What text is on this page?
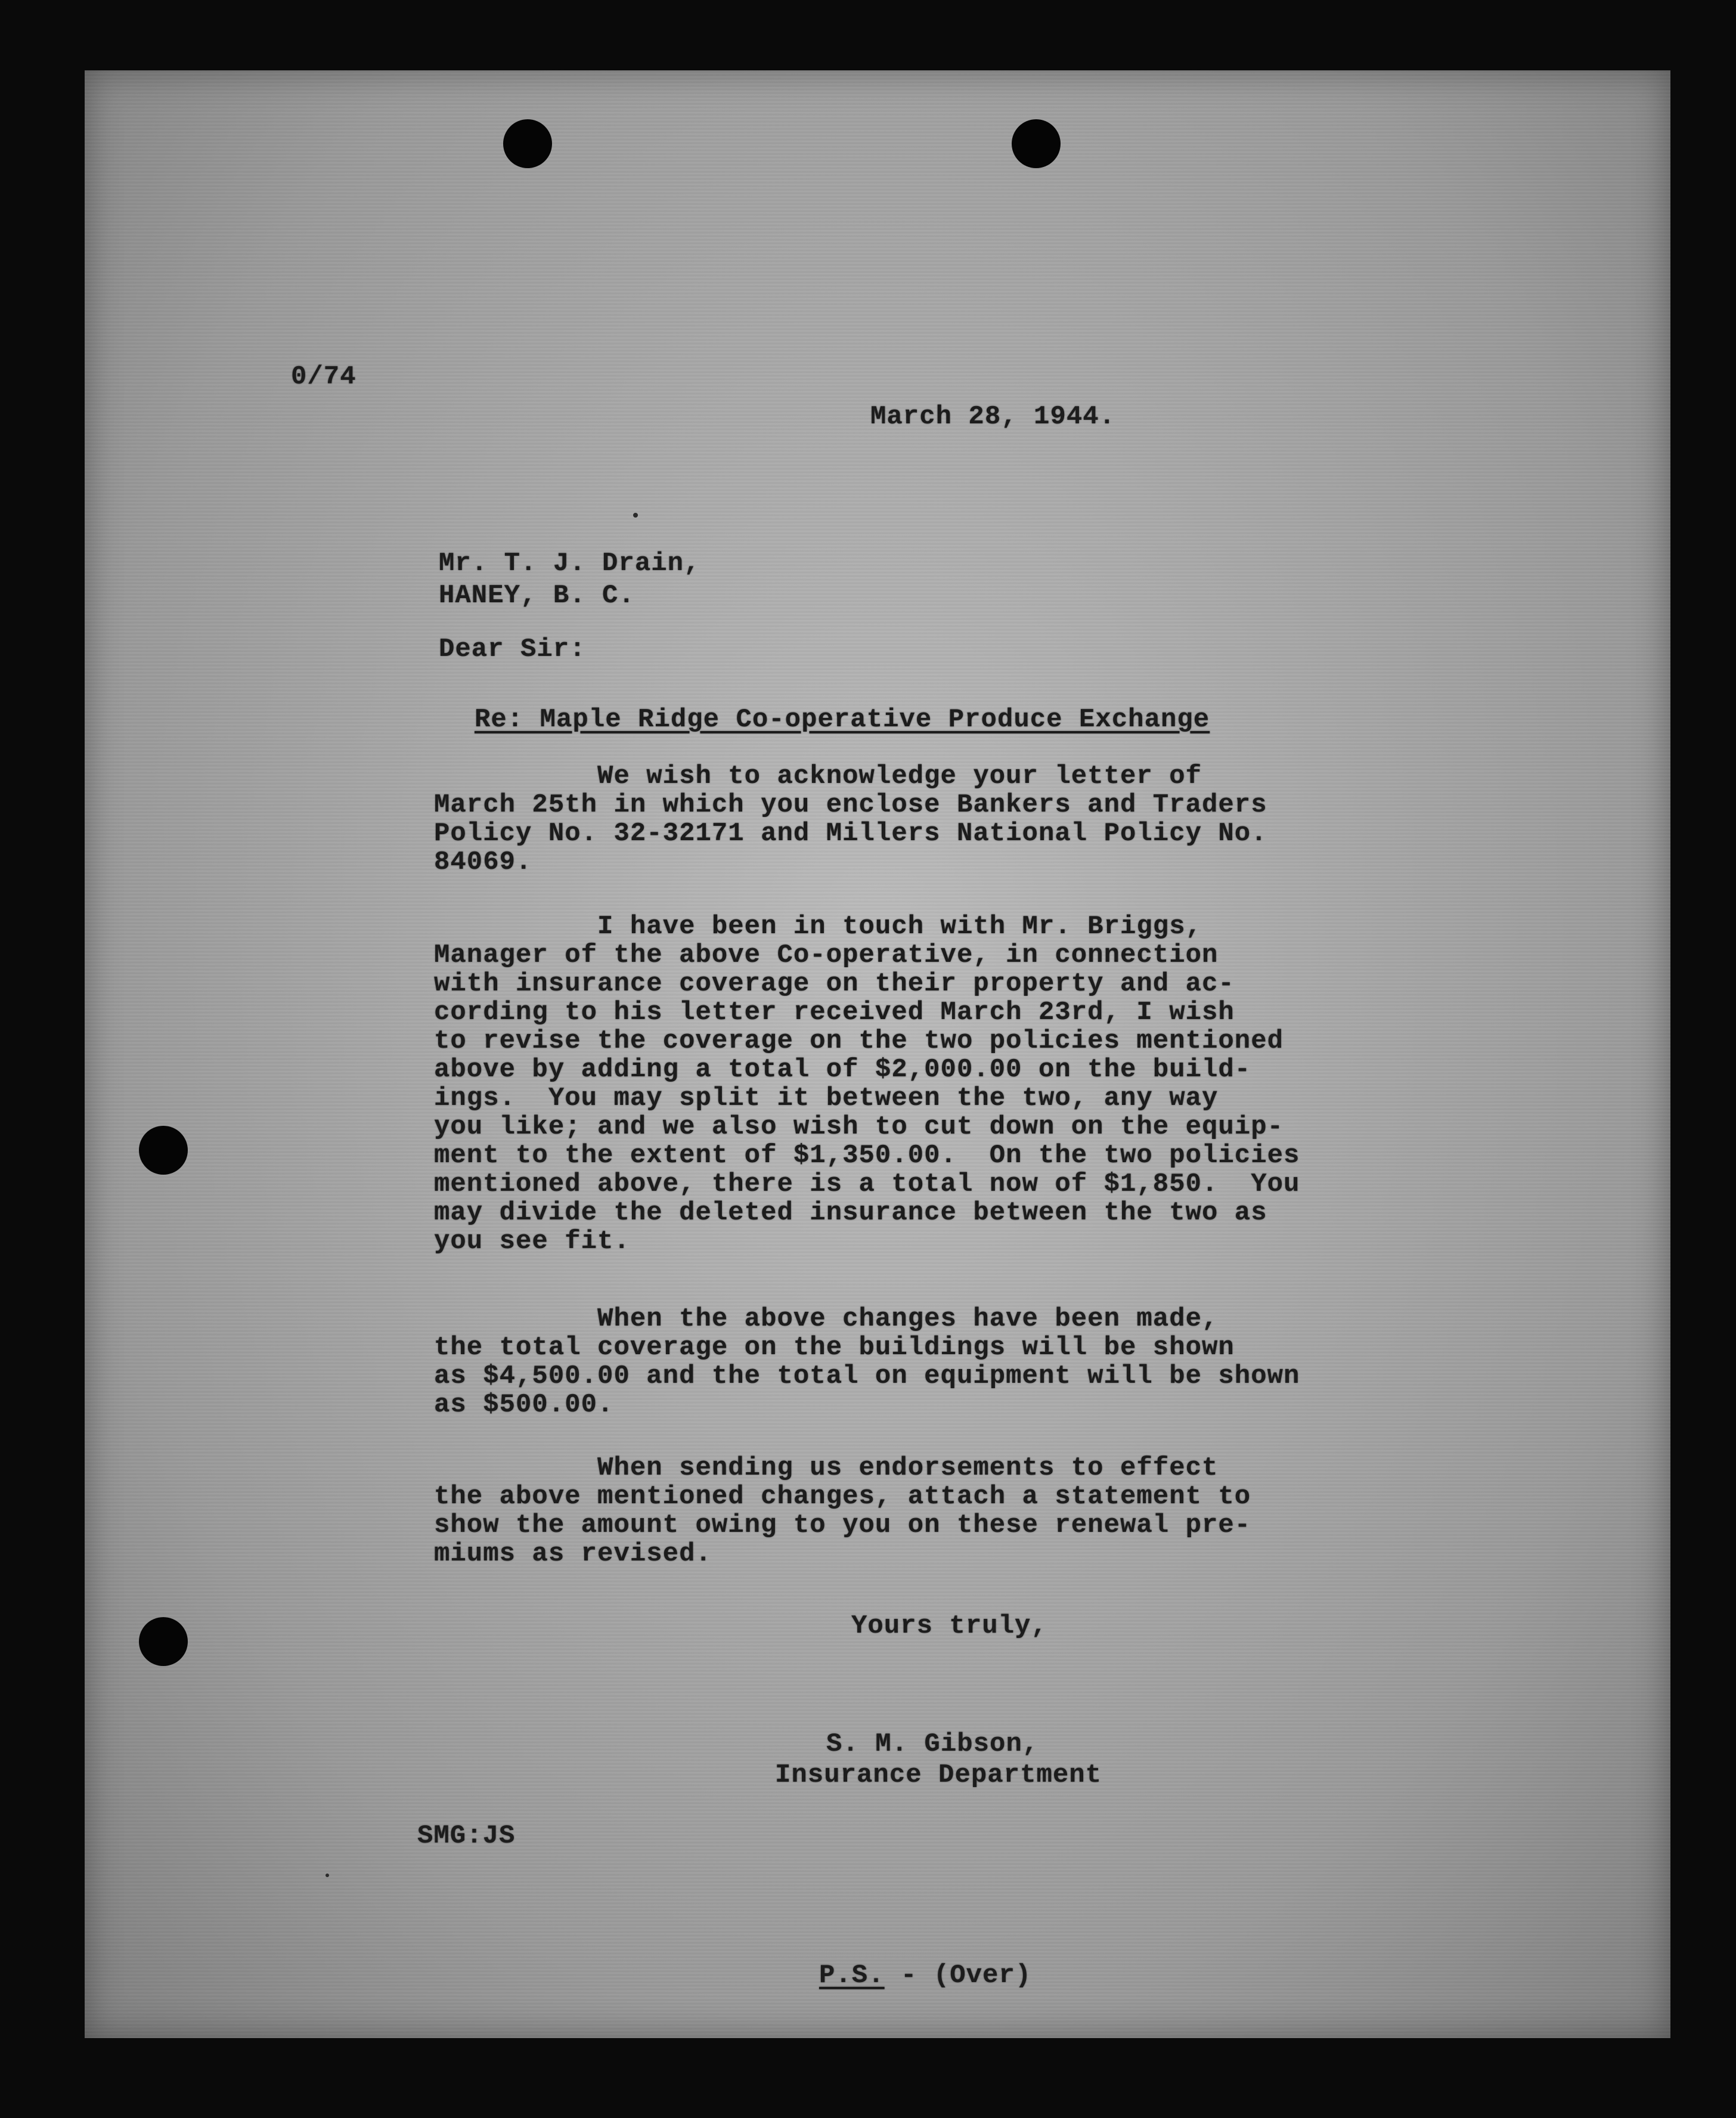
0/74
March 28, 1944.
Mr. T. J. Drain,
HANEY, B. C.
Dear Sir:
Re: Maple Ridge Co-operative Produce Exchange
We wish to acknowledge your letter of
March 25th in which you enclose Bankers and Traders
Policy No. 32-32171 and Millers National Policy No.
84069.
I have been in touch with Mr. Briggs,
Manager of the above Co-operative, in connection
with insurance coverage on their property and ac-
cording to his letter received March 23rd, I wish
to revise the coverage on the two policies mentioned
above by adding a total of $2,000.00 on the build-
ings.  You may split it between the two, any way
you like; and we also wish to cut down on the equip-
ment to the extent of $1,350.00.  On the two policies
mentioned above, there is a total now of $1,850.  You
may divide the deleted insurance between the two as
you see fit.
When the above changes have been made,
the total coverage on the buildings will be shown
as $4,500.00 and the total on equipment will be shown
as $500.00.
When sending us endorsements to effect
the above mentioned changes, attach a statement to
show the amount owing to you on these renewal pre-
miums as revised.
Yours truly,
S. M. Gibson,
Insurance Department
SMG:JS
P.S. - (Over)
